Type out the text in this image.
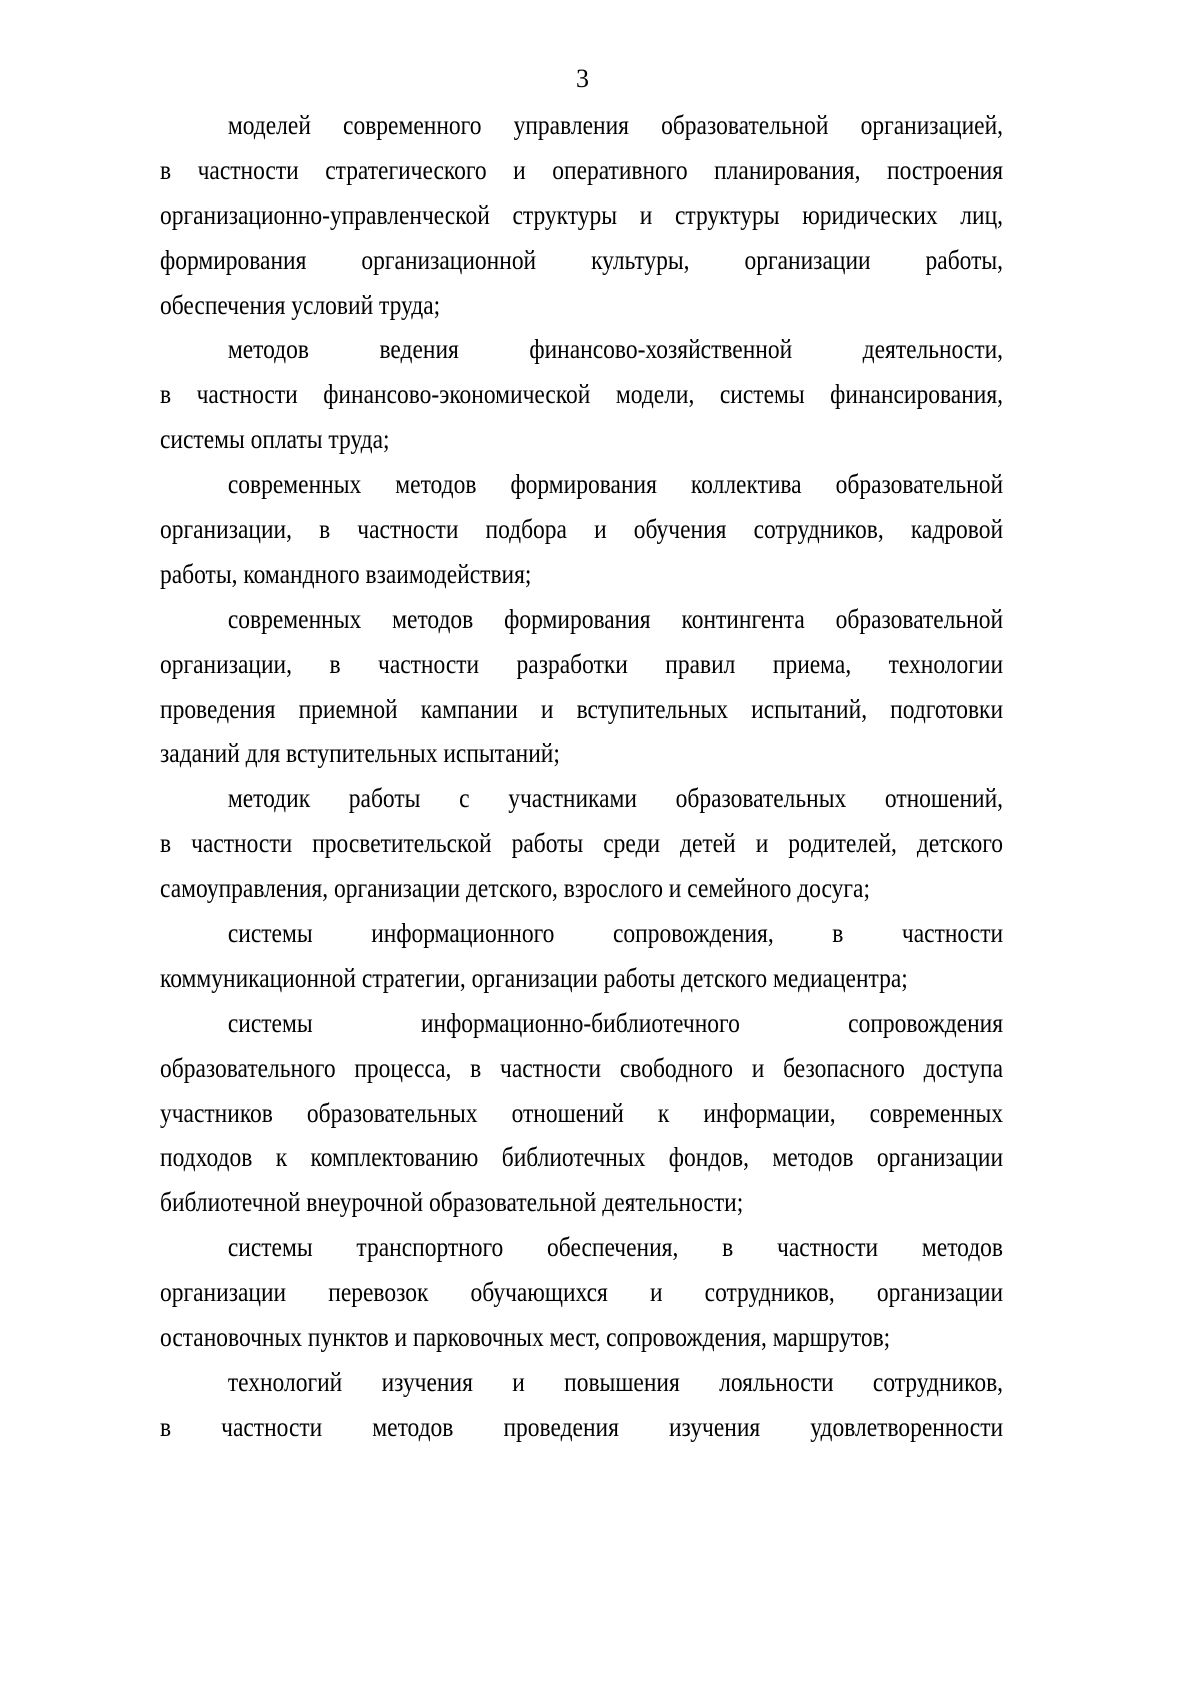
3
моделей современного управления образовательной организацией,
в частности стратегического и оперативного планирования, построения
организационно-управленческой структуры и структуры юридических лиц,
формирования организационной культуры, организации работы,
обеспечения условий труда;
методов ведения финансово-хозяйственной деятельности,
в частности финансово-экономической модели, системы финансирования,
системы оплаты труда;
современных методов формирования коллектива образовательной
организации, в частности подбора и обучения сотрудников, кадровой
работы, командного взаимодействия;
современных методов формирования контингента образовательной
организации, в частности разработки правил приема, технологии
проведения приемной кампании и вступительных испытаний, подготовки
заданий для вступительных испытаний;
методик работы с участниками образовательных отношений,
в частности просветительской работы среди детей и родителей, детского
самоуправления, организации детского, взрослого и семейного досуга;
системы информационного сопровождения, в частности
коммуникационной стратегии, организации работы детского медиацентра;
системы информационно-библиотечного сопровождения
образовательного процесса, в частности свободного и безопасного доступа
участников образовательных отношений к информации, современных
подходов к комплектованию библиотечных фондов, методов организации
библиотечной внеурочной образовательной деятельности;
системы транспортного обеспечения, в частности методов
организации перевозок обучающихся и сотрудников, организации
остановочных пунктов и парковочных мест, сопровождения, маршрутов;
технологий изучения и повышения лояльности сотрудников,
в частности методов проведения изучения удовлетворенности
